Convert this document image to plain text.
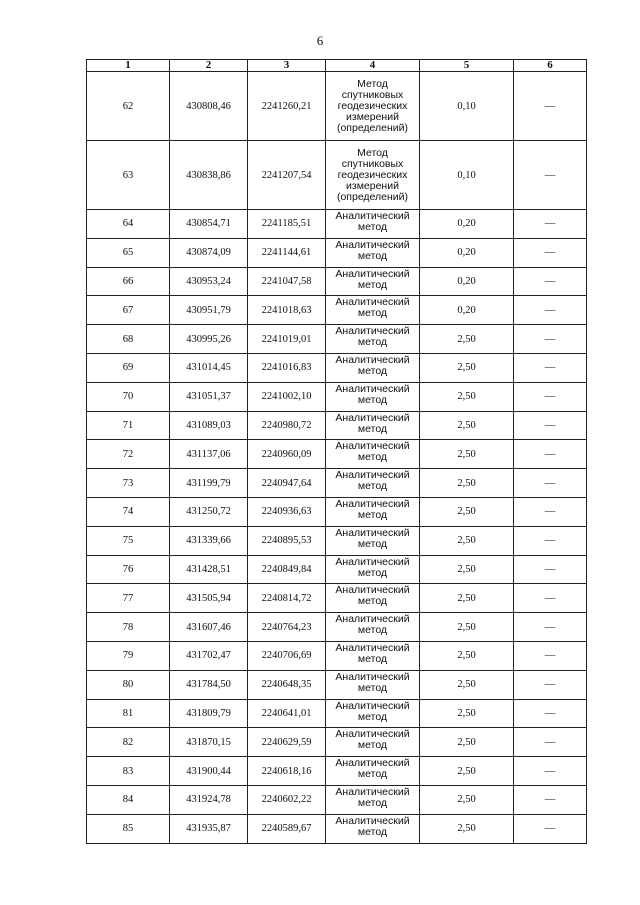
6
1	2	3	4	5	6
62	430808,46	2241260,21	Метод спутниковых геодезических измерений (определений)	0,10	—
63	430838,86	2241207,54	Метод спутниковых геодезических измерений (определений)	0,10	—
64	430854,71	2241185,51	Аналитический метод	0,20	—
65	430874,09	2241144,61	Аналитический метод	0,20	—
66	430953,24	2241047,58	Аналитический метод	0,20	—
67	430951,79	2241018,63	Аналитический метод	0,20	—
68	430995,26	2241019,01	Аналитический метод	2,50	—
69	431014,45	2241016,83	Аналитический метод	2,50	—
70	431051,37	2241002,10	Аналитический метод	2,50	—
71	431089,03	2240980,72	Аналитический метод	2,50	—
72	431137,06	2240960,09	Аналитический метод	2,50	—
73	431199,79	2240947,64	Аналитический метод	2,50	—
74	431250,72	2240936,63	Аналитический метод	2,50	—
75	431339,66	2240895,53	Аналитический метод	2,50	—
76	431428,51	2240849,84	Аналитический метод	2,50	—
77	431505,94	2240814,72	Аналитический метод	2,50	—
78	431607,46	2240764,23	Аналитический метод	2,50	—
79	431702,47	2240706,69	Аналитический метод	2,50	—
80	431784,50	2240648,35	Аналитический метод	2,50	—
81	431809,79	2240641,01	Аналитический метод	2,50	—
82	431870,15	2240629,59	Аналитический метод	2,50	—
83	431900,44	2240618,16	Аналитический метод	2,50	—
84	431924,78	2240602,22	Аналитический метод	2,50	—
85	431935,87	2240589,67	Аналитический метод	2,50	—
